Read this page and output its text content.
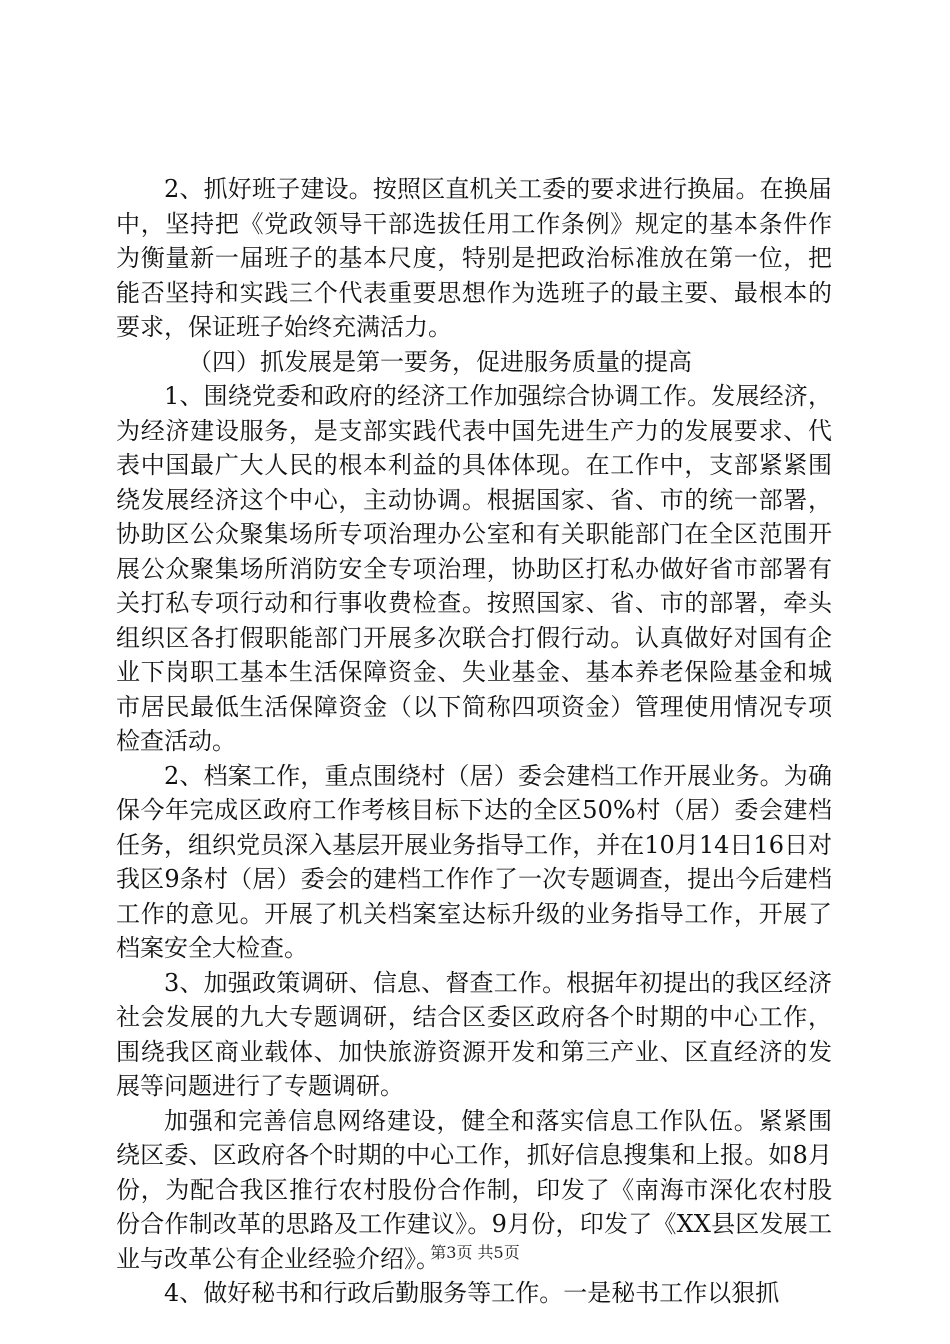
2、抓好班子建设。按照区直机关工委的要求进行换届。在换届中，坚持把《党政领导干部选拔任用工作条例》规定的基本条件作为衡量新一届班子的基本尺度，特别是把政治标准放在第一位，把能否坚持和实践三个代表重要思想作为选班子的最主要、最根本的要求，保证班子始终充满活力。

（四）抓发展是第一要务，促进服务质量的提高

1、围绕党委和政府的经济工作加强综合协调工作。发展经济，为经济建设服务，是支部实践代表中国先进生产力的发展要求、代表中国最广大人民的根本利益的具体体现。在工作中，支部紧紧围绕发展经济这个中心，主动协调。根据国家、省、市的统一部署，协助区公众聚集场所专项治理办公室和有关职能部门在全区范围开展公众聚集场所消防安全专项治理，协助区打私办做好省市部署有关打私专项行动和行事收费检查。按照国家、省、市的部署，牵头组织区各打假职能部门开展多次联合打假行动。认真做好对国有企业下岗职工基本生活保障资金、失业基金、基本养老保险基金和城市居民最低生活保障资金（以下简称四项资金）管理使用情况专项检查活动。

2、档案工作，重点围绕村（居）委会建档工作开展业务。为确保今年完成区政府工作考核目标下达的全区50%村（居）委会建档任务，组织党员深入基层开展业务指导工作，并在10月14日16日对我区9条村（居）委会的建档工作作了一次专题调查，提出今后建档工作的意见。开展了机关档案室达标升级的业务指导工作，开展了档案安全大检查。

3、加强政策调研、信息、督查工作。根据年初提出的我区经济社会发展的九大专题调研，结合区委区政府各个时期的中心工作，围绕我区商业载体、加快旅游资源开发和第三产业、区直经济的发展等问题进行了专题调研。

加强和完善信息网络建设，健全和落实信息工作队伍。紧紧围绕区委、区政府各个时期的中心工作，抓好信息搜集和上报。如8月份，为配合我区推行农村股份合作制，印发了《南海市深化农村股份合作制改革的思路及工作建议》。9月份，印发了《XX县区发展工业与改革公有企业经验介绍》。

4、做好秘书和行政后勤服务等工作。一是秘书工作以狠抓

第3页 共5页
